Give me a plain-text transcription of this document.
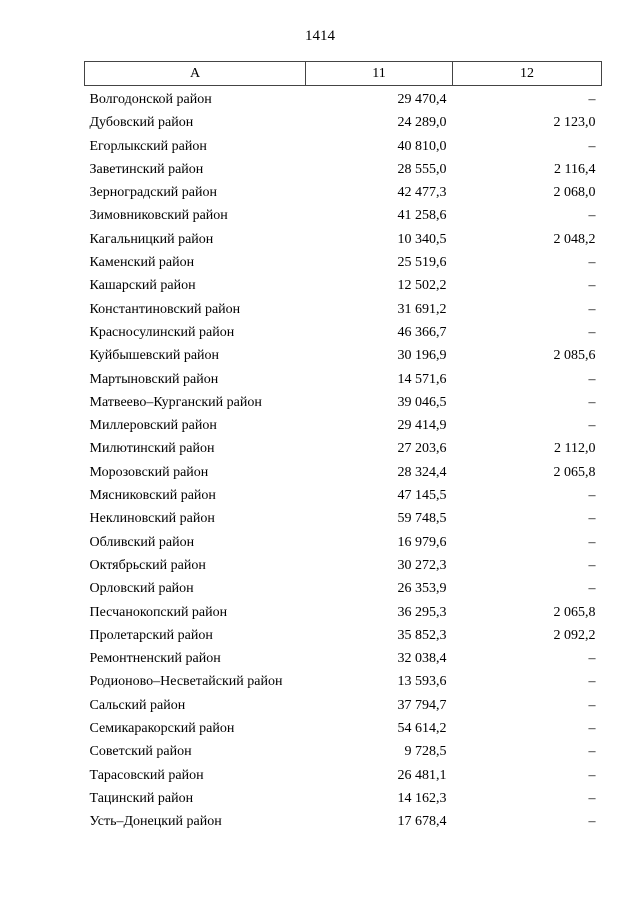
1414
А	11	12
Волгодонской район	29 470,4	–
Дубовский район	24 289,0	2 123,0
Егорлыкский район	40 810,0	–
Заветинский район	28 555,0	2 116,4
Зерноградский район	42 477,3	2 068,0
Зимовниковский район	41 258,6	–
Кагальницкий район	10 340,5	2 048,2
Каменский район	25 519,6	–
Кашарский район	12 502,2	–
Константиновский район	31 691,2	–
Красносулинский район	46 366,7	–
Куйбышевский район	30 196,9	2 085,6
Мартыновский район	14 571,6	–
Матвеево–Курганский район	39 046,5	–
Миллеровский район	29 414,9	–
Милютинский район	27 203,6	2 112,0
Морозовский район	28 324,4	2 065,8
Мясниковский район	47 145,5	–
Неклиновский район	59 748,5	–
Обливский район	16 979,6	–
Октябрьский район	30 272,3	–
Орловский район	26 353,9	–
Песчанокопский район	36 295,3	2 065,8
Пролетарский район	35 852,3	2 092,2
Ремонтненский район	32 038,4	–
Родионово–Несветайский район	13 593,6	–
Сальский район	37 794,7	–
Семикаракорский район	54 614,2	–
Советский район	9 728,5	–
Тарасовский район	26 481,1	–
Тацинский район	14 162,3	–
Усть–Донецкий район	17 678,4	–
